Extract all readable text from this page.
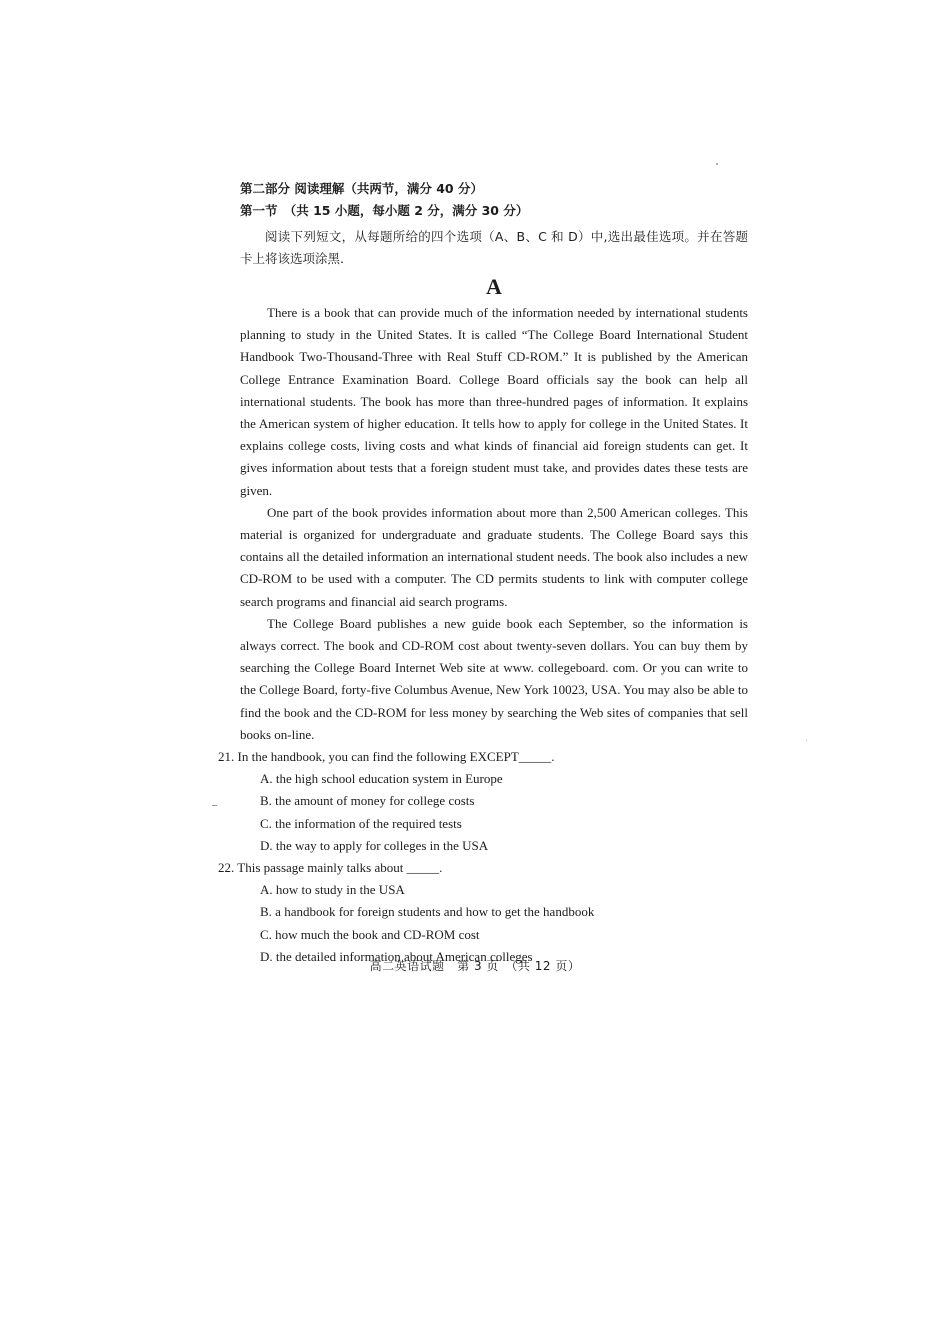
第二部分 阅读理解（共两节，满分 40 分）
第一节　（共 15 小题，每小题 2 分，满分 30 分）

阅读下列短文，从每题所给的四个选项（A、B、C 和 D）中,选出最佳选项。并在答题卡上将该选项涂黑.

A

There is a book that can provide much of the information needed by international students planning to study in the United States. It is called “The College Board International Student Handbook Two-Thousand-Three with Real Stuff CD-ROM.” It is published by the American College Entrance Examination Board. College Board officials say the book can help all international students. The book has more than three-hundred pages of information. It explains the American system of higher education. It tells how to apply for college in the United States. It explains college costs, living costs and what kinds of financial aid foreign students can get. It gives information about tests that a foreign student must take, and provides dates these tests are given.

One part of the book provides information about more than 2,500 American colleges. This material is organized for undergraduate and graduate students. The College Board says this contains all the detailed information an international student needs. The book also includes a new CD-ROM to be used with a computer. The CD permits students to link with computer college search programs and financial aid search programs.

The College Board publishes a new guide book each September, so the information is always correct. The book and CD-ROM cost about twenty-seven dollars. You can buy them by searching the College Board Internet Web site at www. collegeboard. com. Or you can write to the College Board, forty-five Columbus Avenue, New York 10023, USA. You may also be able to find the book and the CD-ROM for less money by searching the Web sites of companies that sell books on-line.

21. In the handbook, you can find the following EXCEPT_____.

A. the high school education system in Europe

B. the amount of money for college costs

C. the information of the required tests

D. the way to apply for colleges in the USA

22. This passage mainly talks about _____.

A. how to study in the USA

B. a handbook for foreign students and how to get the handbook

C. how much the book and CD-ROM cost

D. the detailed information about American colleges

高二英语试题　第 3 页　（共 12 页）
